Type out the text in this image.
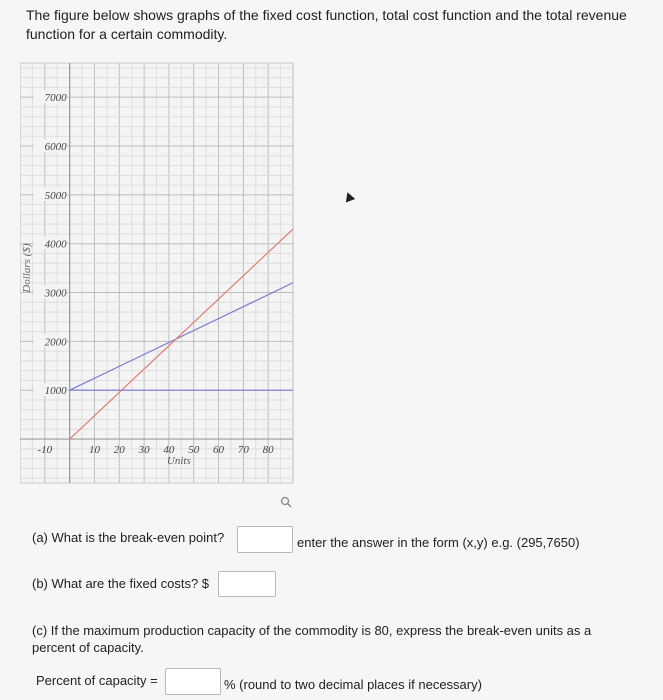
The figure below shows graphs of the fixed cost function, total cost function and the total revenue function for a certain commodity.
1000
2000
3000
4000
5000
6000
7000
-10	10 20 30 40 50 60 70 80
Units
Dollars ($)
(a) What is the break-even point?	enter the answer in the form (x,y) e.g. (295,7650)
(b) What are the fixed costs? $
(c) If the maximum production capacity of the commodity is 80, express the break-even units as a percent of capacity.
Percent of capacity =	% (round to two decimal places if necessary)
